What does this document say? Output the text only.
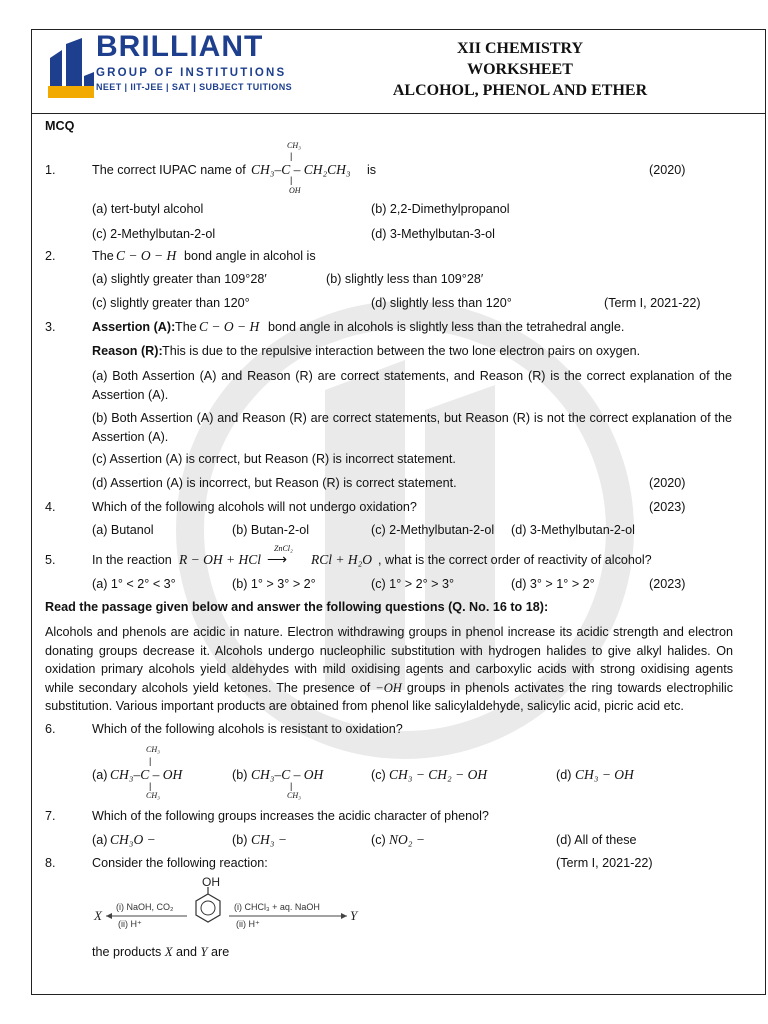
BRILLIANT
GROUP OF INSTITUTIONS
NEET | IIT-JEE | SAT | SUBJECT TUITIONS
XII CHEMISTRY
WORKSHEET
ALCOHOL, PHENOL AND ETHER
MCQ
1.	The correct IUPAC name of CH₃–C – CH₂CH₃
CH₃
|
|
OH
is	(2020)
(a) tert-butyl alcohol	(b) 2,2-Dimethylpropanol
(c) 2-Methylbutan-2-ol	(d) 3-Methylbutan-3-ol
2.	The C − O − H bond angle in alcohol is
(a) slightly greater than 109°28′	(b) slightly less than 109°28′
(c) slightly greater than 120°	(d) slightly less than 120°	(Term I, 2021-22)
3.	Assertion (A): The C − O − H bond angle in alcohols is slightly less than the tetrahedral angle.
Reason (R): This is due to the repulsive interaction between the two lone electron pairs on oxygen.
(a) Both Assertion (A) and Reason (R) are correct statements, and Reason (R) is the correct explanation of the Assertion (A).
(b) Both Assertion (A) and Reason (R) are correct statements, but Reason (R) is not the correct explanation of the Assertion (A).
(c) Assertion (A) is correct, but Reason (R) is incorrect statement.
(d) Assertion (A) is incorrect, but Reason (R) is correct statement.	(2020)
4.	Which of the following alcohols will not undergo oxidation?	(2023)
(a) Butanol	(b) Butan-2-ol	(c) 2-Methylbutan-2-ol (d) 3-Methylbutan-2-ol
5.	In the reaction R − OH + HCl
ZnCl₂
⟶ RCl + H₂O , what is the correct order of reactivity of alcohol?
(a) 1° < 2° < 3°	(b) 1° > 3° > 2°	(c) 1° > 2° > 3°	(d) 3° > 1° > 2°	(2023)
Read the passage given below and answer the following questions (Q. No. 16 to 18):
Alcohols and phenols are acidic in nature. Electron withdrawing groups in phenol increase its acidic strength and electron donating groups decrease it. Alcohols undergo nucleophilic substitution with hydrogen halides to give alkyl halides. On oxidation primary alcohols yield aldehydes with mild oxidising agents and carboxylic acids with strong oxidising agents while secondary alcohols yield ketones. The presence of −OH groups in phenols activates the ring towards electrophilic substitution. Various important products are obtained from phenol like salicylaldehyde, salicylic acid, picric acid etc.
6.	Which of the following alcohols is resistant to oxidation?
(a) CH₃–C – OH
CH₃
|
|
CH₃
(b) CH₃–C – OH
|
CH₃
(c) CH₃ − CH₂ − OH	(d) CH₃ − OH
7.	Which of the following groups increases the acidic character of phenol?
(a) CH₃O −	(b) CH₃ −	(c) NO₂ −	(d) All of these
8.	Consider the following reaction:	(Term I, 2021-22)
X
(i) NaOH, CO₂
(ii) H⁺
OH
(i) CHCl₃ + aq. NaOH
(ii) H⁺
Y
the products X and Y are
